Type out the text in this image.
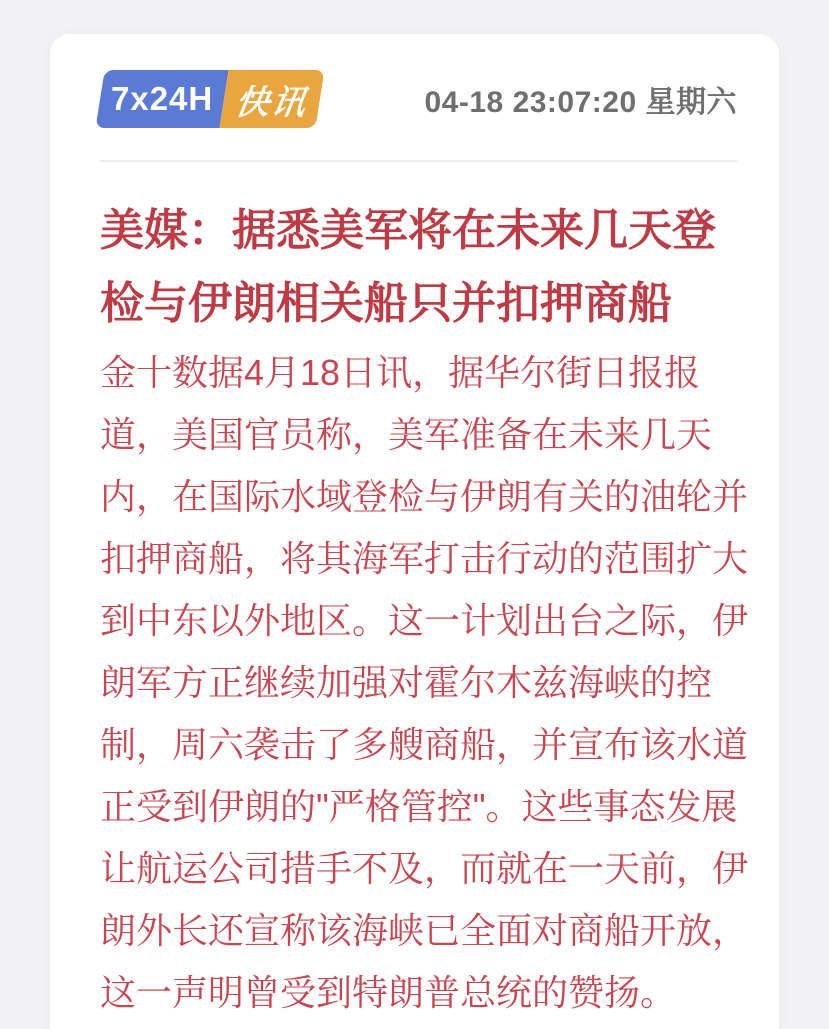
7x24H 快讯	04-18 23:07:20 星期六
美媒：据悉美军将在未来几天登
检与伊朗相关船只并扣押商船
金十数据4月18日讯，据华尔街日报报
道，美国官员称，美军准备在未来几天
内，在国际水域登检与伊朗有关的油轮并
扣押商船，将其海军打击行动的范围扩大
到中东以外地区。这一计划出台之际，伊
朗军方正继续加强对霍尔木兹海峡的控
制，周六袭击了多艘商船，并宣布该水道
正受到伊朗的"严格管控"。这些事态发展
让航运公司措手不及，而就在一天前，伊
朗外长还宣称该海峡已全面对商船开放，
这一声明曾受到特朗普总统的赞扬。
